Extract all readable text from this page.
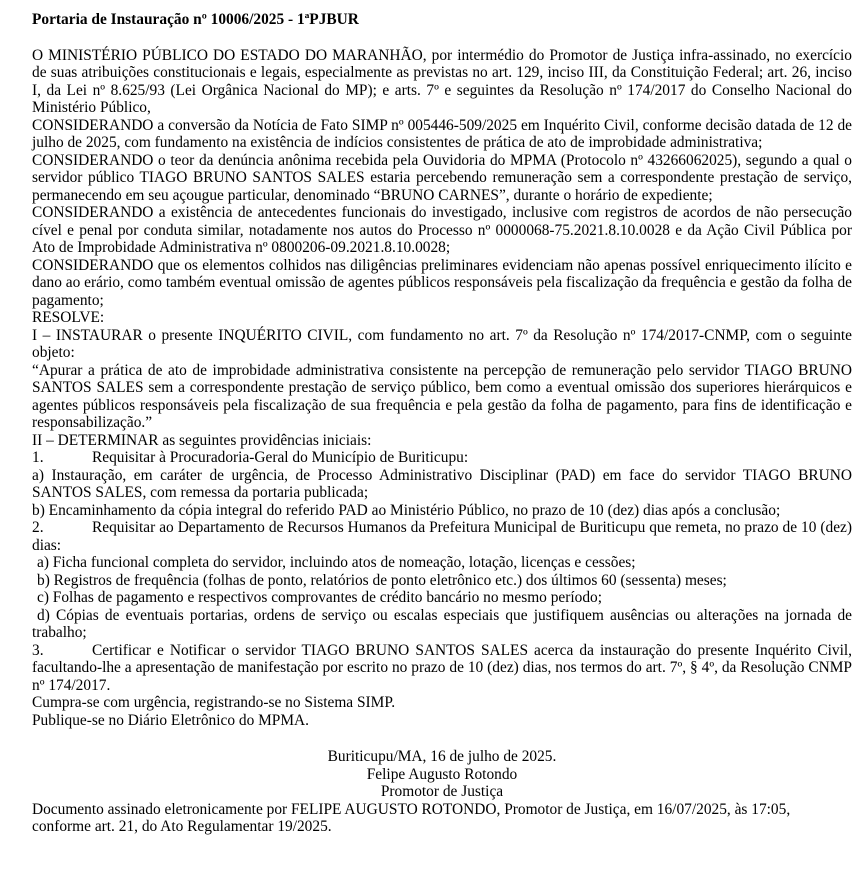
Portaria de Instauração nº 10006/2025 - 1ªPJBUR

O MINISTÉRIO PÚBLICO DO ESTADO DO MARANHÃO, por intermédio do Promotor de Justiça infra-assinado, no exercício de suas atribuições constitucionais e legais, especialmente as previstas no art. 129, inciso III, da Constituição Federal; art. 26, inciso I, da Lei nº 8.625/93 (Lei Orgânica Nacional do MP); e arts. 7º e seguintes da Resolução nº 174/2017 do Conselho Nacional do Ministério Público,

CONSIDERANDO a conversão da Notícia de Fato SIMP nº 005446-509/2025 em Inquérito Civil, conforme decisão datada de 12 de julho de 2025, com fundamento na existência de indícios consistentes de prática de ato de improbidade administrativa;

CONSIDERANDO o teor da denúncia anônima recebida pela Ouvidoria do MPMA (Protocolo nº 43266062025), segundo a qual o servidor público TIAGO BRUNO SANTOS SALES estaria percebendo remuneração sem a correspondente prestação de serviço, permanecendo em seu açougue particular, denominado “BRUNO CARNES”, durante o horário de expediente;

CONSIDERANDO a existência de antecedentes funcionais do investigado, inclusive com registros de acordos de não persecução cível e penal por conduta similar, notadamente nos autos do Processo nº 0000068-75.2021.8.10.0028 e da Ação Civil Pública por Ato de Improbidade Administrativa nº 0800206-09.2021.8.10.0028;

CONSIDERANDO que os elementos colhidos nas diligências preliminares evidenciam não apenas possível enriquecimento ilícito e dano ao erário, como também eventual omissão de agentes públicos responsáveis pela fiscalização da frequência e gestão da folha de pagamento;

RESOLVE:

I – INSTAURAR o presente INQUÉRITO CIVIL, com fundamento no art. 7º da Resolução nº 174/2017-CNMP, com o seguinte objeto:

“Apurar a prática de ato de improbidade administrativa consistente na percepção de remuneração pelo servidor TIAGO BRUNO SANTOS SALES sem a correspondente prestação de serviço público, bem como a eventual omissão dos superiores hierárquicos e agentes públicos responsáveis pela fiscalização de sua frequência e pela gestão da folha de pagamento, para fins de identificação e responsabilização.”

II – DETERMINAR as seguintes providências iniciais:

1.	Requisitar à Procuradoria-Geral do Município de Buriticupu:

a) Instauração, em caráter de urgência, de Processo Administrativo Disciplinar (PAD) em face do servidor TIAGO BRUNO SANTOS SALES, com remessa da portaria publicada;

b) Encaminhamento da cópia integral do referido PAD ao Ministério Público, no prazo de 10 (dez) dias após a conclusão;

2.	Requisitar ao Departamento de Recursos Humanos da Prefeitura Municipal de Buriticupu que remeta, no prazo de 10 (dez) dias:

a) Ficha funcional completa do servidor, incluindo atos de nomeação, lotação, licenças e cessões;

b) Registros de frequência (folhas de ponto, relatórios de ponto eletrônico etc.) dos últimos 60 (sessenta) meses;

c) Folhas de pagamento e respectivos comprovantes de crédito bancário no mesmo período;

d) Cópias de eventuais portarias, ordens de serviço ou escalas especiais que justifiquem ausências ou alterações na jornada de trabalho;

3.	Certificar e Notificar o servidor TIAGO BRUNO SANTOS SALES acerca da instauração do presente Inquérito Civil, facultando-lhe a apresentação de manifestação por escrito no prazo de 10 (dez) dias, nos termos do art. 7º, § 4º, da Resolução CNMP nº 174/2017.

Cumpra-se com urgência, registrando-se no Sistema SIMP.

Publique-se no Diário Eletrônico do MPMA.

Buriticupu/MA, 16 de julho de 2025.

Felipe Augusto Rotondo

Promotor de Justiça

Documento assinado eletronicamente por FELIPE AUGUSTO ROTONDO, Promotor de Justiça, em 16/07/2025, às 17:05, conforme art. 21, do Ato Regulamentar 19/2025.
